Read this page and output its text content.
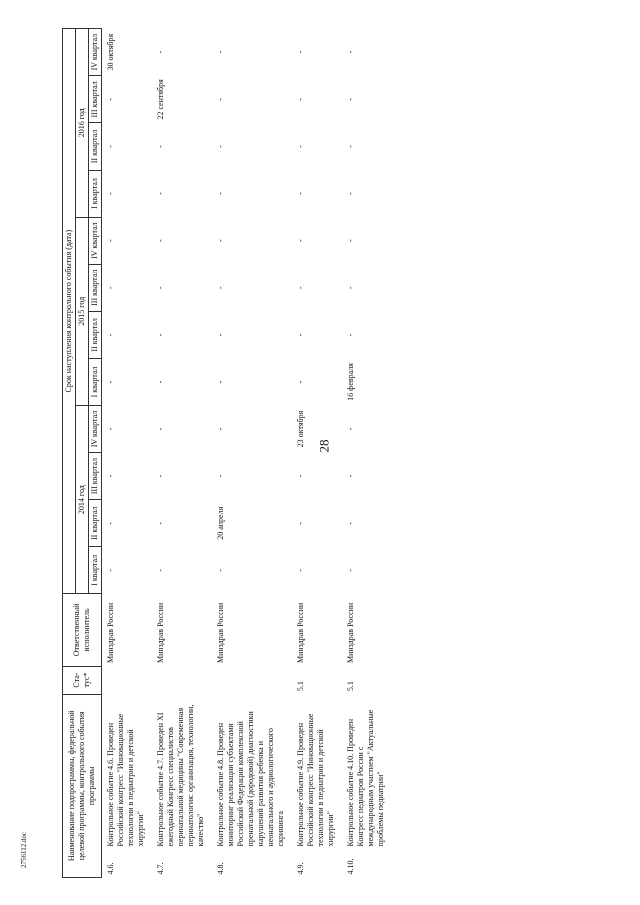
28
2756112.doc	Наименование подпрограммы, федеральной целевой программы, контрольного события программы		Ста- тус*	Ответственный исполнитель	Срок наступления контрольного события (дата)											
				2014 год				2015 год				2016 год			
				I квартал	II квартал	III квартал	IV квартал	I квартал	II квартал	III квартал	IV квартал	I квартал	II квартал	III квартал	IV квартал
4.6.	Контрольное событие 4.6. Проведен Российский конгресс "Инновационные технологии в педиатрии и детской хирургии"		Минздрав России	-	-	-	-	-	-	-	-	-	-	-	30 октября
4.7.	Контрольное событие 4.7. Проведен XI ежегодный Конгресс специалистов перинатальной медицины "Современная перинатология: организация, технологии, качество"		Минздрав России	-	-	-	-	-	-	-	-	-	-	22 сентября	-
4.8.	Контрольное событие 4.8. Проведен мониторинг реализации субъектами Российской Федерации комплексной пренатальной (дородовой) диагностики нарушений развития ребенка и неонатального и аудиологического скрининга		Минздрав России	-	20 апреля	-	-	-	-	-	-	-	-	-	-
4.9.	Контрольное событие 4.9. Проведен Российский конгресс "Инновационные технологии в педиатрии и детской хирургии"	5.1	Минздрав России	-	-	-	23 октября	-	-	-	-	-	-	-	-
4.10.	Контрольное событие 4.10. Проведен Конгресс педиатров России с международным участием "Актуальные проблемы педиатрии"	5.1	Минздрав России	-	-	-	-	16 февраля	-	-	-	-	-	-	-
